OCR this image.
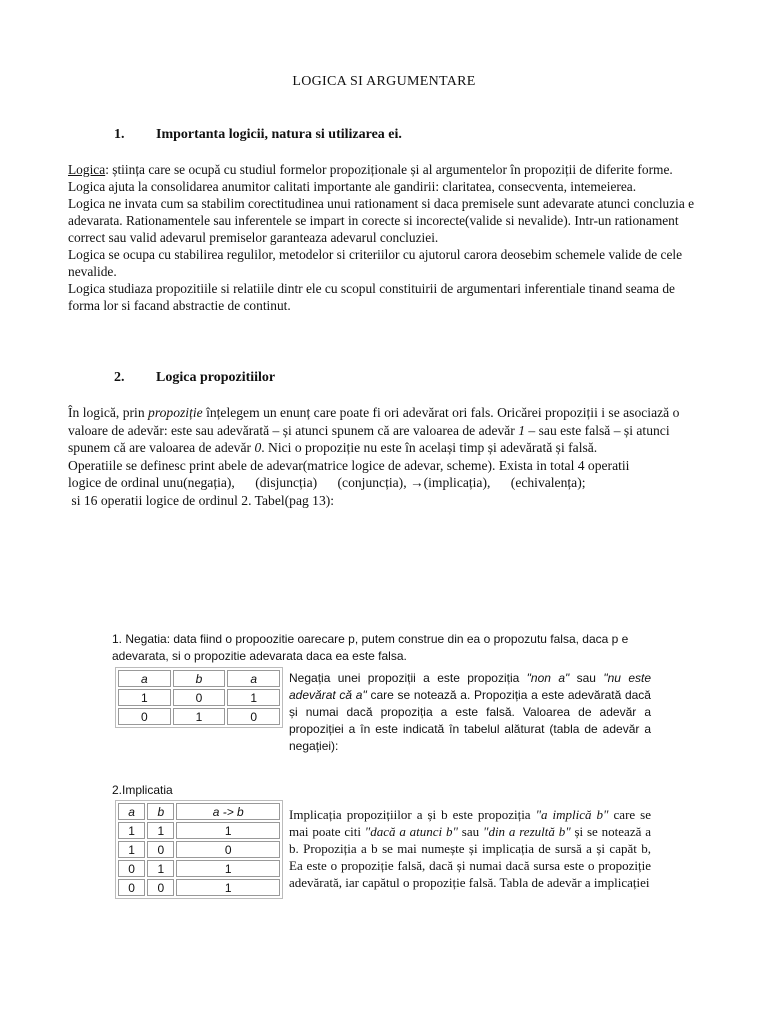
LOGICA SI ARGUMENTARE
1. Importanta logicii, natura si utilizarea ei.

Logica: știința care se ocupă cu studiul formelor propoziționale și al argumentelor în propoziții de diferite forme.

Logica ajuta la consolidarea anumitor calitati importante ale gandirii: claritatea, consecventa, intemeierea.

Logica ne invata cum sa stabilim corectitudinea unui rationament si daca premisele sunt adevarate atunci concluzia e adevarata. Rationamentele sau inferentele se impart in corecte si incorecte(valide si nevalide). Intr-un rationament correct sau valid adevarul premiselor garanteaza adevarul concluziei.

Logica se ocupa cu stabilirea regulilor, metodelor si criteriilor cu ajutorul carora deosebim schemele valide de cele nevalide.

Logica studiaza propozitiile si relatiile dintr ele cu scopul constituirii de argumentari inferentiale tinand seama de forma lor si facand abstractie de continut.

2. Logica propozitiilor

În logică, prin propoziție înțelegem un enunț care poate fi ori adevărat ori fals. Oricărei propoziții i se asociază o valoare de adevăr: este sau adevărată – și atunci spunem că are valoarea de adevăr 1 – sau este falsă – și atunci spunem că are valoarea de adevăr 0. Nici o propoziție nu este în același timp și adevărată și falsă.

Operatiile se definesc print abele de adevar(matrice logice de adevar, scheme). Exista in total 4 operatii

logice de ordinal unu(negația),      (disjuncția)      (conjuncția), →(implicația),      (echivalența);

si 16 operatii logice de ordinul 2. Tabel(pag 13):

1. Negatia: data fiind o propoozitie oarecare p, putem construe din ea o propozutu falsa, daca p e adevarata, si o propozitie adevarata daca ea este falsa.
a	b	a
1	0	1
0	1	0
Negația unei propoziții a este propoziția "non a" sau "nu este adevărat că a" care se notează a. Propoziția a este adevărată dacă și numai dacă propoziția a este falsă. Valoarea de adevăr a propoziției a în este indicată în tabelul alăturat (tabla de adevăr a negației):
2.Implicatia
a	b	a -> b
1	1	1
1	0	0
0	1	1
0	0	1
Implicația propozițiilor a și b este propoziția "a implică b" care se mai poate citi "dacă a atunci b" sau "din a rezultă b" și se notează a b. Propoziția a b se mai numește și implicația de sursă a și capăt b, Ea este o propoziție falsă, dacă și numai dacă sursa este o propoziție adevărată, iar capătul o propoziție falsă. Tabla de adevăr a implicației
